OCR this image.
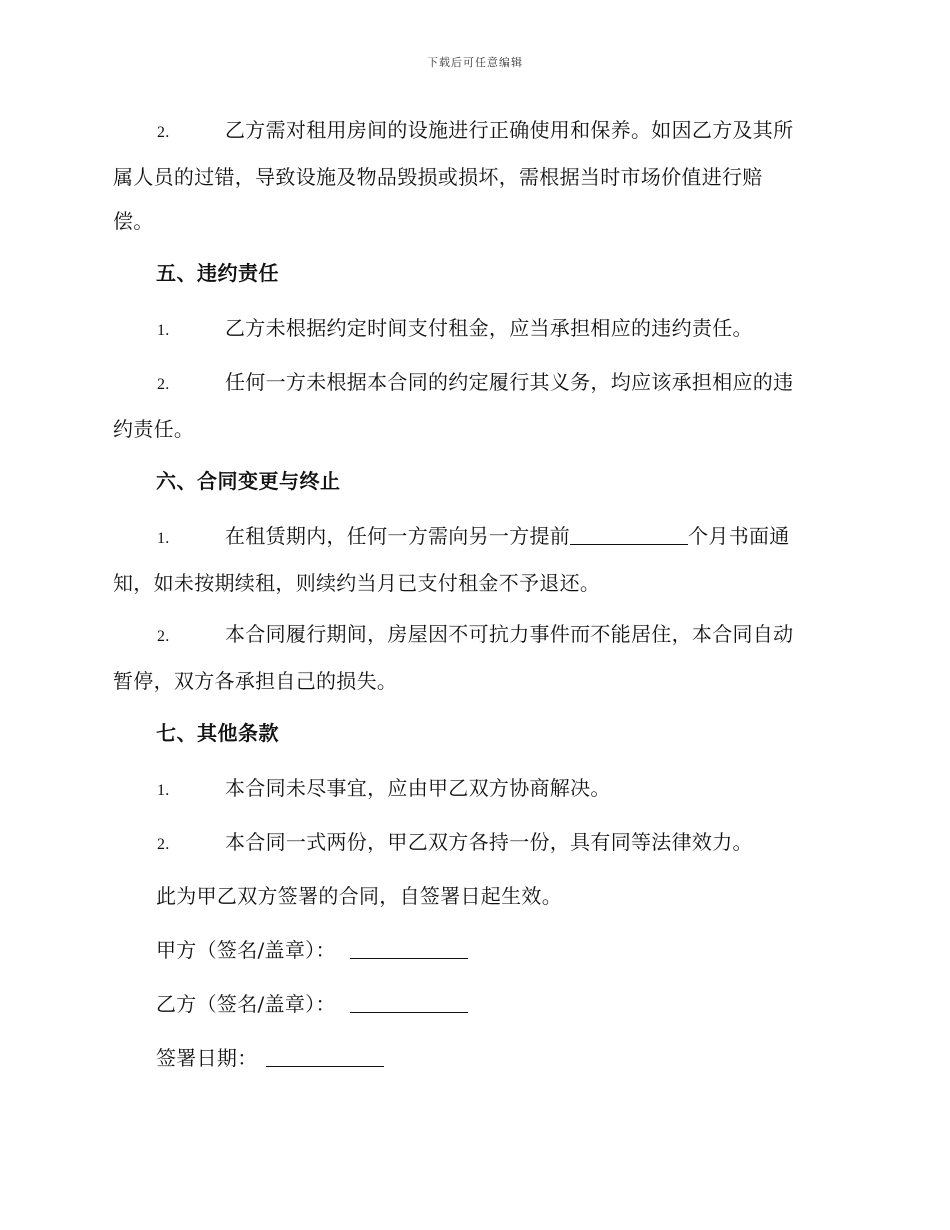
下载后可任意编辑
2.	乙方需对租用房间的设施进行正确使用和保养。如因乙方及其所
属人员的过错，导致设施及物品毁损或损坏，需根据当时市场价值进行赔
偿。
五、违约责任
1.	乙方未根据约定时间支付租金，应当承担相应的违约责任。
2.	任何一方未根据本合同的约定履行其义务，均应该承担相应的违
约责任。
六、合同变更与终止
1.	在租赁期内，任何一方需向另一方提前	个月书面通
知，如未按期续租，则续约当月已支付租金不予退还。
2.	本合同履行期间，房屋因不可抗力事件而不能居住，本合同自动
暂停，双方各承担自己的损失。
七、其他条款
1.	本合同未尽事宜，应由甲乙双方协商解决。
2.	本合同一式两份，甲乙双方各持一份，具有同等法律效力。
此为甲乙双方签署的合同，自签署日起生效。
甲方（签名/盖章）：
乙方（签名/盖章）：
签署日期：
